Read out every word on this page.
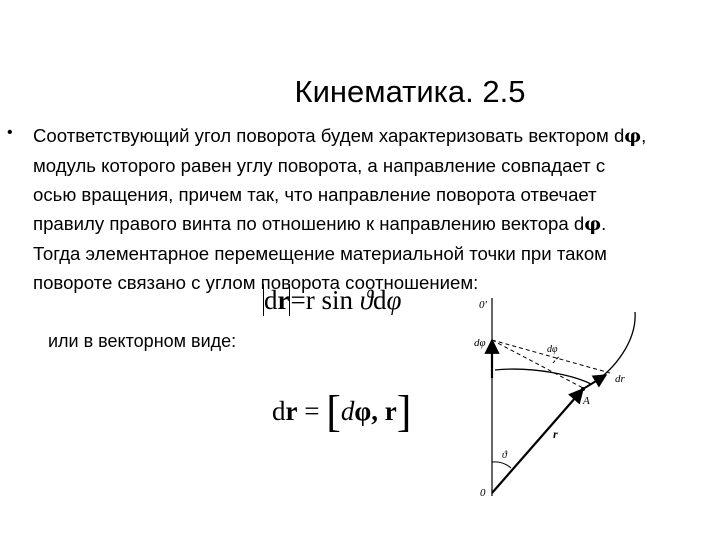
Кинематика. 2.5
• Соответствующий угол поворота будем характеризовать вектором dφ,
модуль которого равен углу поворота, а направление совпадает с
осью вращения, причем так, что направление поворота отвечает
правилу правого винта по отношению к направлению вектора dφ.
Тогда элементарное перемещение материальной точки при таком
повороте связано с углом поворота соотношением:
dr=r sin ϑdφ
или в векторном виде:
dr = [dφ, r]
0'
dφ
dφ
dr
A
r
ϑ
0
